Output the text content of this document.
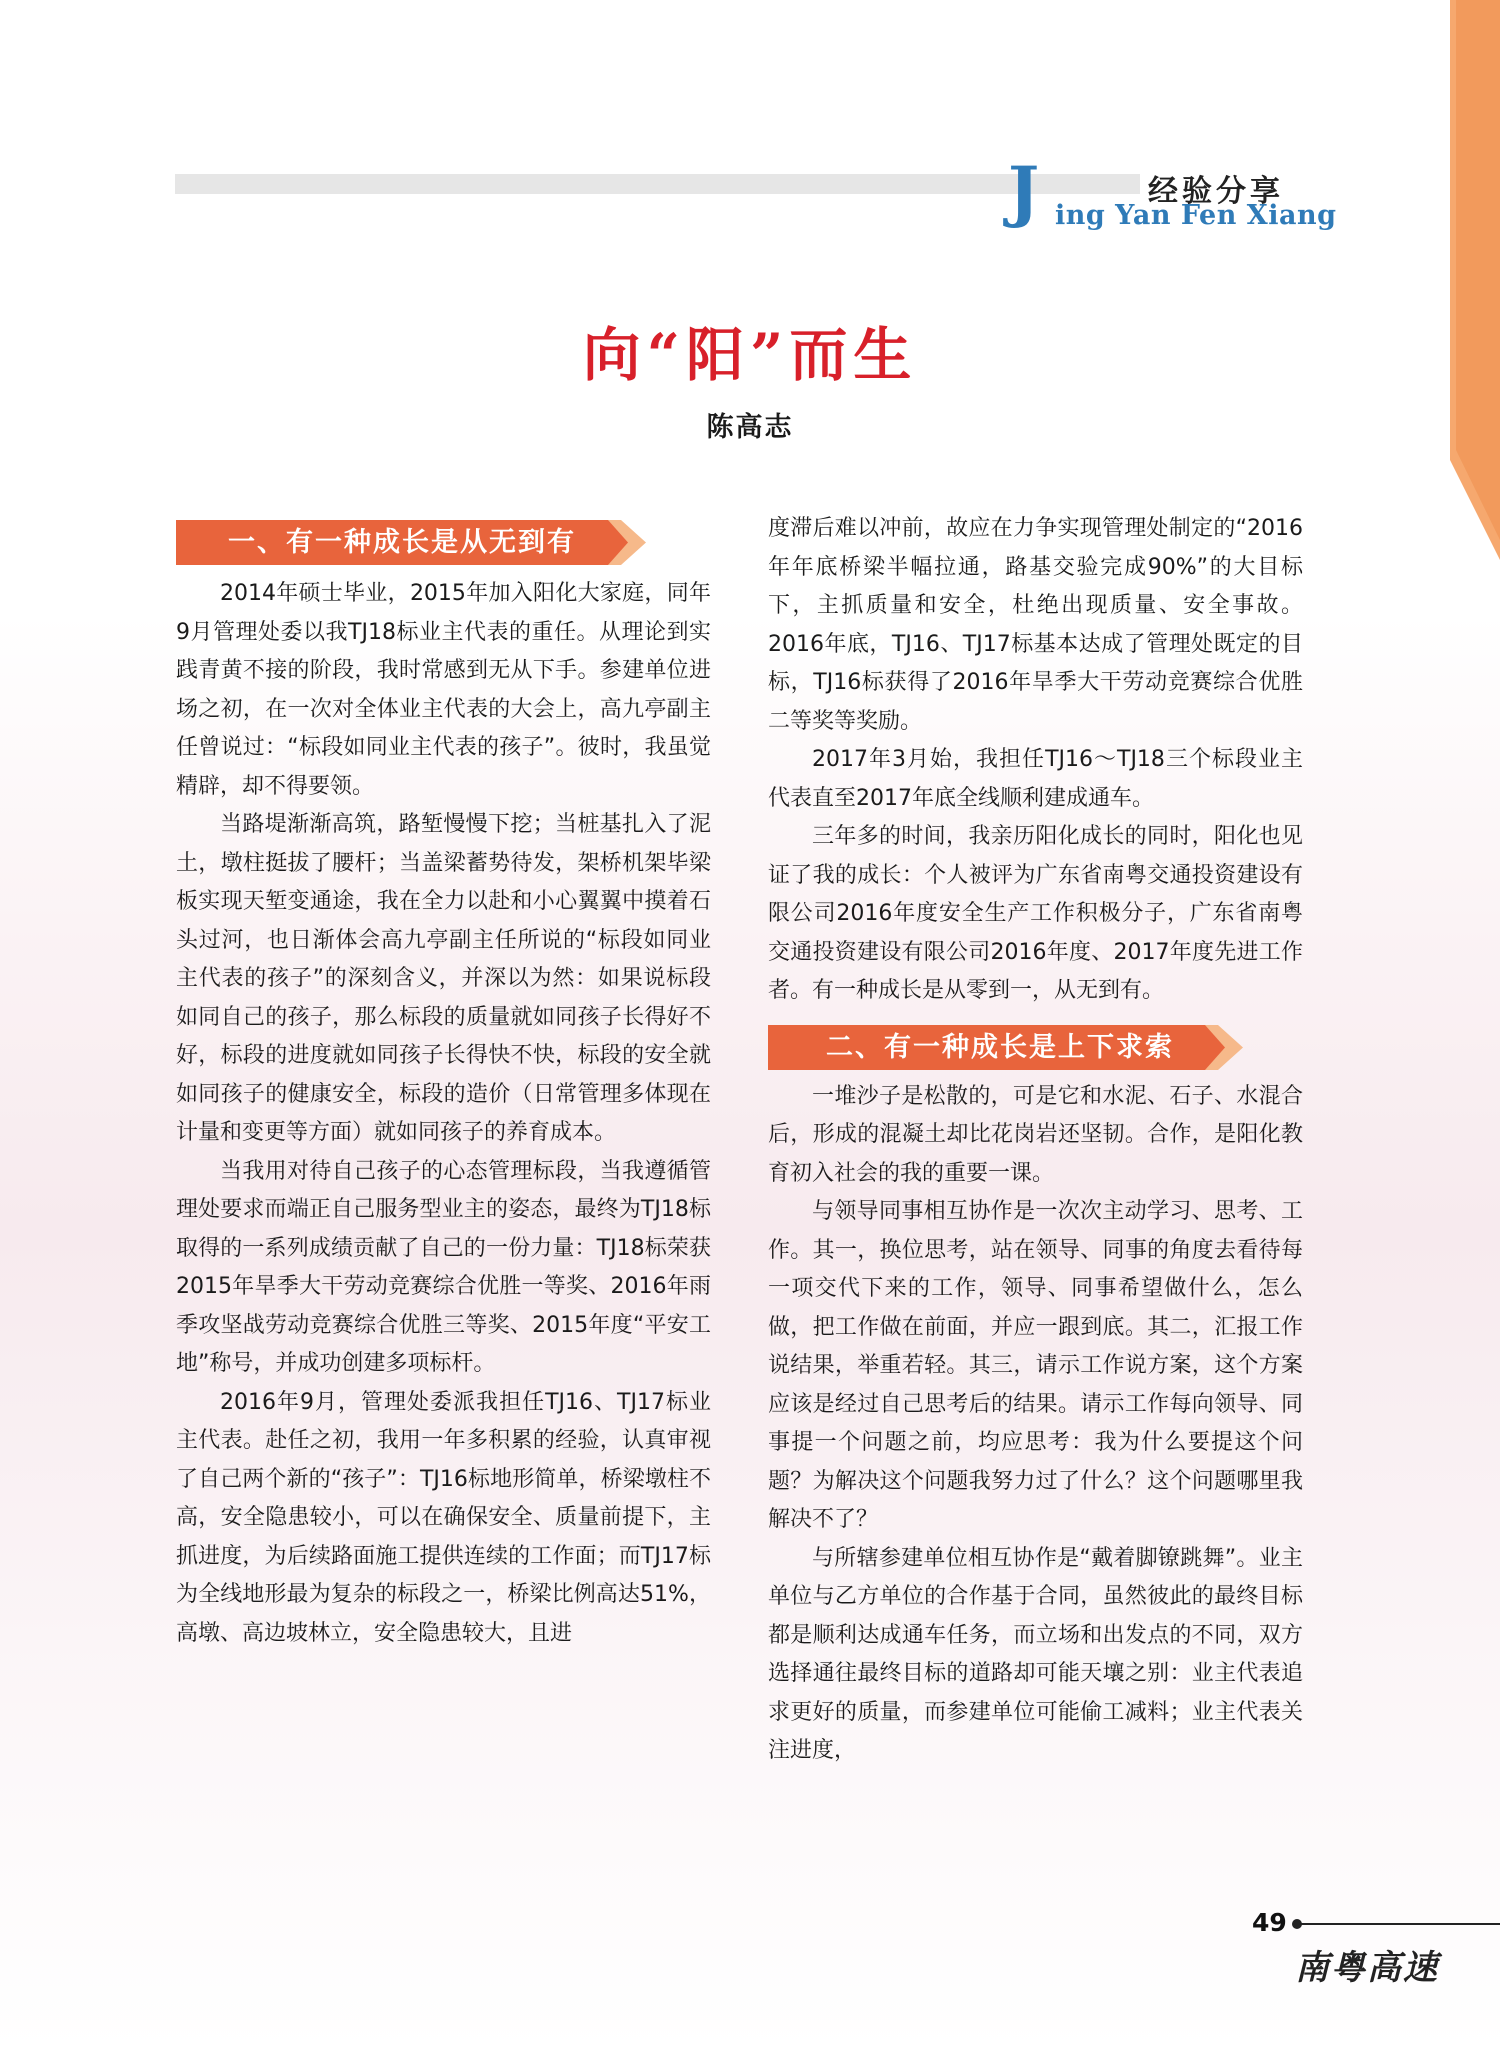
J	经验分享
ing Yan Fen Xiang
向“阳”而生
陈高志
一、有一种成长是从无到有

2014年硕士毕业，2015年加入阳化大家庭，同年9月管理处委以我TJ18标业主代表的重任。从理论到实践青黄不接的阶段，我时常感到无从下手。参建单位进场之初，在一次对全体业主代表的大会上，高九亭副主任曾说过：“标段如同业主代表的孩子”。彼时，我虽觉精辟，却不得要领。

当路堤渐渐高筑，路堑慢慢下挖；当桩基扎入了泥土，墩柱挺拔了腰杆；当盖梁蓄势待发，架桥机架毕梁板实现天堑变通途，我在全力以赴和小心翼翼中摸着石头过河，也日渐体会高九亭副主任所说的“标段如同业主代表的孩子”的深刻含义，并深以为然：如果说标段如同自己的孩子，那么标段的质量就如同孩子长得好不好，标段的进度就如同孩子长得快不快，标段的安全就如同孩子的健康安全，标段的造价（日常管理多体现在计量和变更等方面）就如同孩子的养育成本。

当我用对待自己孩子的心态管理标段，当我遵循管理处要求而端正自己服务型业主的姿态，最终为TJ18标取得的一系列成绩贡献了自己的一份力量：TJ18标荣获2015年旱季大干劳动竞赛综合优胜一等奖、2016年雨季攻坚战劳动竞赛综合优胜三等奖、2015年度“平安工地”称号，并成功创建多项标杆。

2016年9月，管理处委派我担任TJ16、TJ17标业主代表。赴任之初，我用一年多积累的经验，认真审视了自己两个新的“孩子”：TJ16标地形简单，桥梁墩柱不高，安全隐患较小，可以在确保安全、质量前提下，主抓进度，为后续路面施工提供连续的工作面；而TJ17标为全线地形最为复杂的标段之一，桥梁比例高达51%，高墩、高边坡林立，安全隐患较大，且进

度滞后难以冲前，故应在力争实现管理处制定的“2016年年底桥梁半幅拉通，路基交验完成90%”的大目标下，主抓质量和安全，杜绝出现质量、安全事故。2016年底，TJ16、TJ17标基本达成了管理处既定的目标，TJ16标获得了2016年旱季大干劳动竞赛综合优胜二等奖等奖励。

2017年3月始，我担任TJ16～TJ18三个标段业主代表直至2017年底全线顺利建成通车。

三年多的时间，我亲历阳化成长的同时，阳化也见证了我的成长：个人被评为广东省南粤交通投资建设有限公司2016年度安全生产工作积极分子，广东省南粤交通投资建设有限公司2016年度、2017年度先进工作者。有一种成长是从零到一，从无到有。

二、有一种成长是上下求索

一堆沙子是松散的，可是它和水泥、石子、水混合后，形成的混凝土却比花岗岩还坚韧。合作，是阳化教育初入社会的我的重要一课。

与领导同事相互协作是一次次主动学习、思考、工作。其一，换位思考，站在领导、同事的角度去看待每一项交代下来的工作，领导、同事希望做什么，怎么做，把工作做在前面，并应一跟到底。其二，汇报工作说结果，举重若轻。其三，请示工作说方案，这个方案应该是经过自己思考后的结果。请示工作每向领导、同事提一个问题之前，均应思考：我为什么要提这个问题？为解决这个问题我努力过了什么？这个问题哪里我解决不了？

与所辖参建单位相互协作是“戴着脚镣跳舞”。业主单位与乙方单位的合作基于合同，虽然彼此的最终目标都是顺利达成通车任务，而立场和出发点的不同，双方选择通往最终目标的道路却可能天壤之别：业主代表追求更好的质量，而参建单位可能偷工减料；业主代表关注进度，

49
南粤高速
